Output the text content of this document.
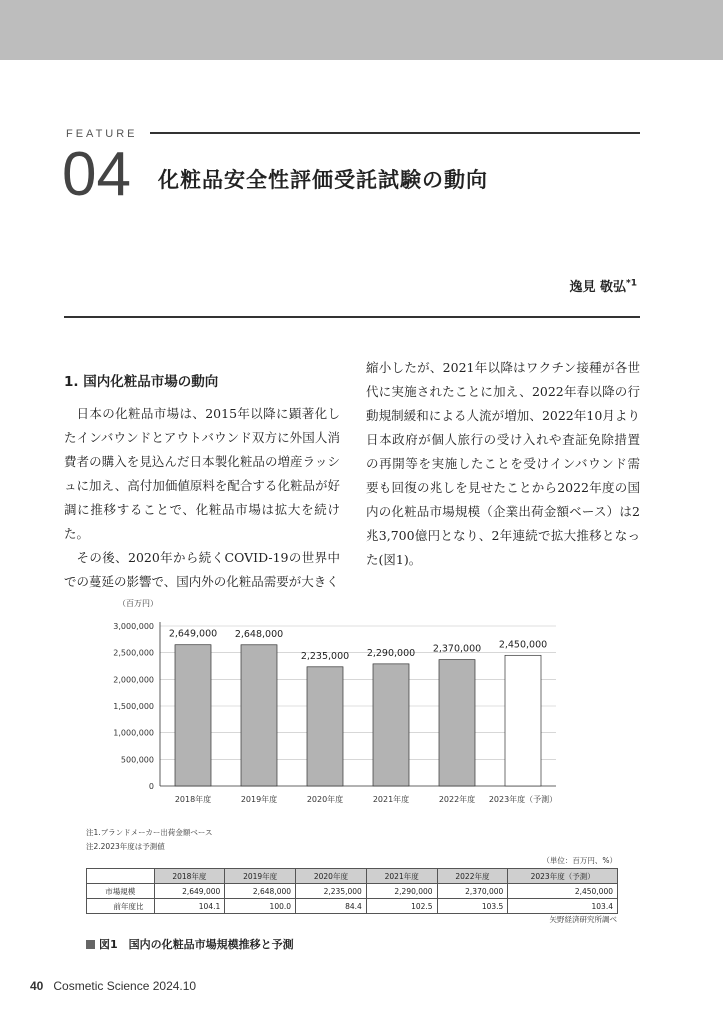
FEATURE
04 化粧品安全性評価受託試験の動向
逸見 敬弘$^{*1}$
1. 国内化粧品市場の動向

日本の化粧品市場は、2015年以降に顕著化したインバウンドとアウトバウンド双方に外国人消費者の購入を見込んだ日本製化粧品の増産ラッシュに加え、高付加価値原料を配合する化粧品が好調に推移することで、化粧品市場は拡大を続けた。

その後、2020年から続くCOVID-19の世界中での蔓延の影響で、国内外の化粧品需要が大きく

縮小したが、2021年以降はワクチン接種が各世代に実施されたことに加え、2022年春以降の行動規制緩和による人流が増加、2022年10月より日本政府が個人旅行の受け入れや査証免除措置の再開等を実施したことを受けインバウンド需要も回復の兆しを見せたことから2022年度の国内の化粧品市場規模（企業出荷金額ベース）は2兆3,700億円となり、2年連続で拡大推移となった(図1)。

（百万円）
0
500,000
1,000,000
1,500,000
2,000,000
2,500,000
3,000,000
2,649,000
2018年度
2,648,000
2019年度
2,235,000
2020年度
2,290,000
2021年度
2,370,000
2022年度
2,450,000
2023年度（予測）
注1.ブランドメーカー出荷金額ベース
注2.2023年度は予測値
（単位：百万円、%）
	2018年度	2019年度	2020年度	2021年度	2022年度	2023年度（予測）
市場規模	2,649,000	2,648,000	2,235,000	2,290,000	2,370,000	2,450,000
前年度比	104.1	100.0	84.4	102.5	103.5	103.4
矢野経済研究所調べ
図1　国内の化粧品市場規模推移と予測
40 Cosmetic Science 2024.10
